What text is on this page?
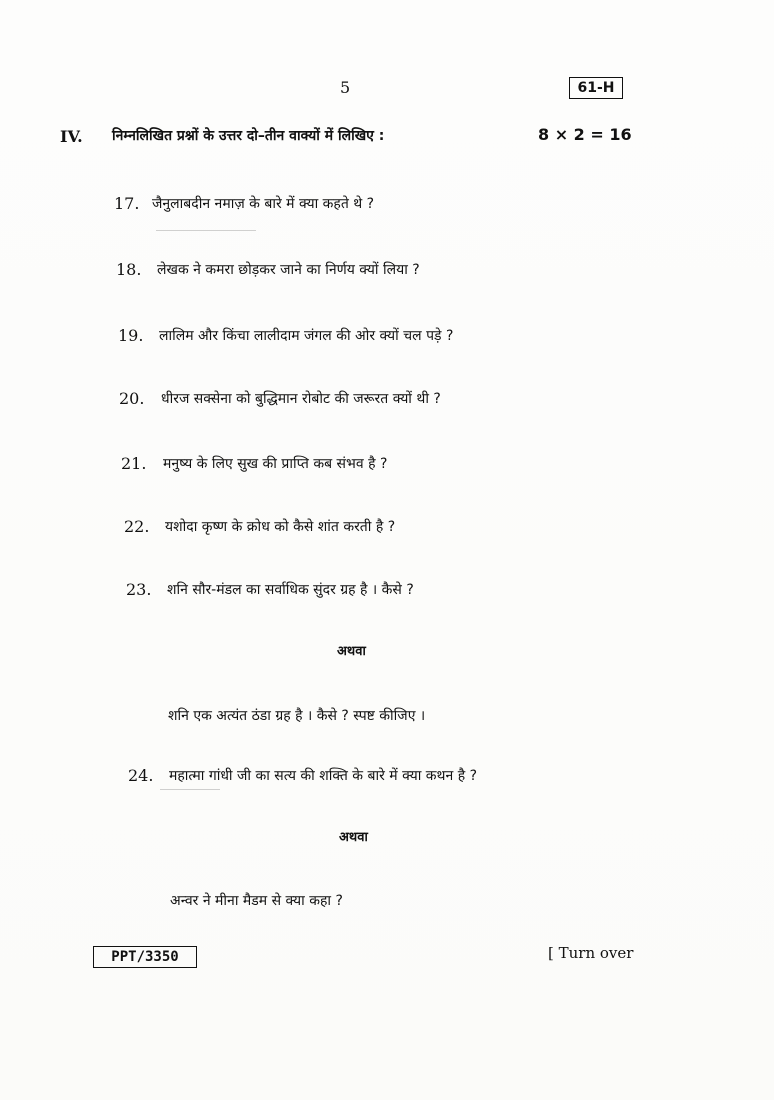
5	61-H
IV. निम्नलिखित प्रश्नों के उत्तर दो–तीन वाक्यों में लिखिए :	8 × 2 = 16
17. जैनुलाबदीन नमाज़ के बारे में क्या कहते थे ?
18. लेखक ने कमरा छोड़कर जाने का निर्णय क्यों लिया ?
19. लालिम और किंचा लालीदाम जंगल की ओर क्यों चल पड़े ?
20. धीरज सक्सेना को बुद्धिमान रोबोट की जरूरत क्यों थी ?
21. मनुष्य के लिए सुख की प्राप्ति कब संभव है ?
22. यशोदा कृष्ण के क्रोध को कैसे शांत करती है ?
23. शनि सौर-मंडल का सर्वाधिक सुंदर ग्रह है । कैसे ?
अथवा
शनि एक अत्यंत ठंडा ग्रह है । कैसे ? स्पष्ट कीजिए ।
24. महात्मा गांधी जी का सत्य की शक्ति के बारे में क्या कथन है ?
अथवा
अन्वर ने मीना मैडम से क्या कहा ?
PPT/3350	[ Turn over
